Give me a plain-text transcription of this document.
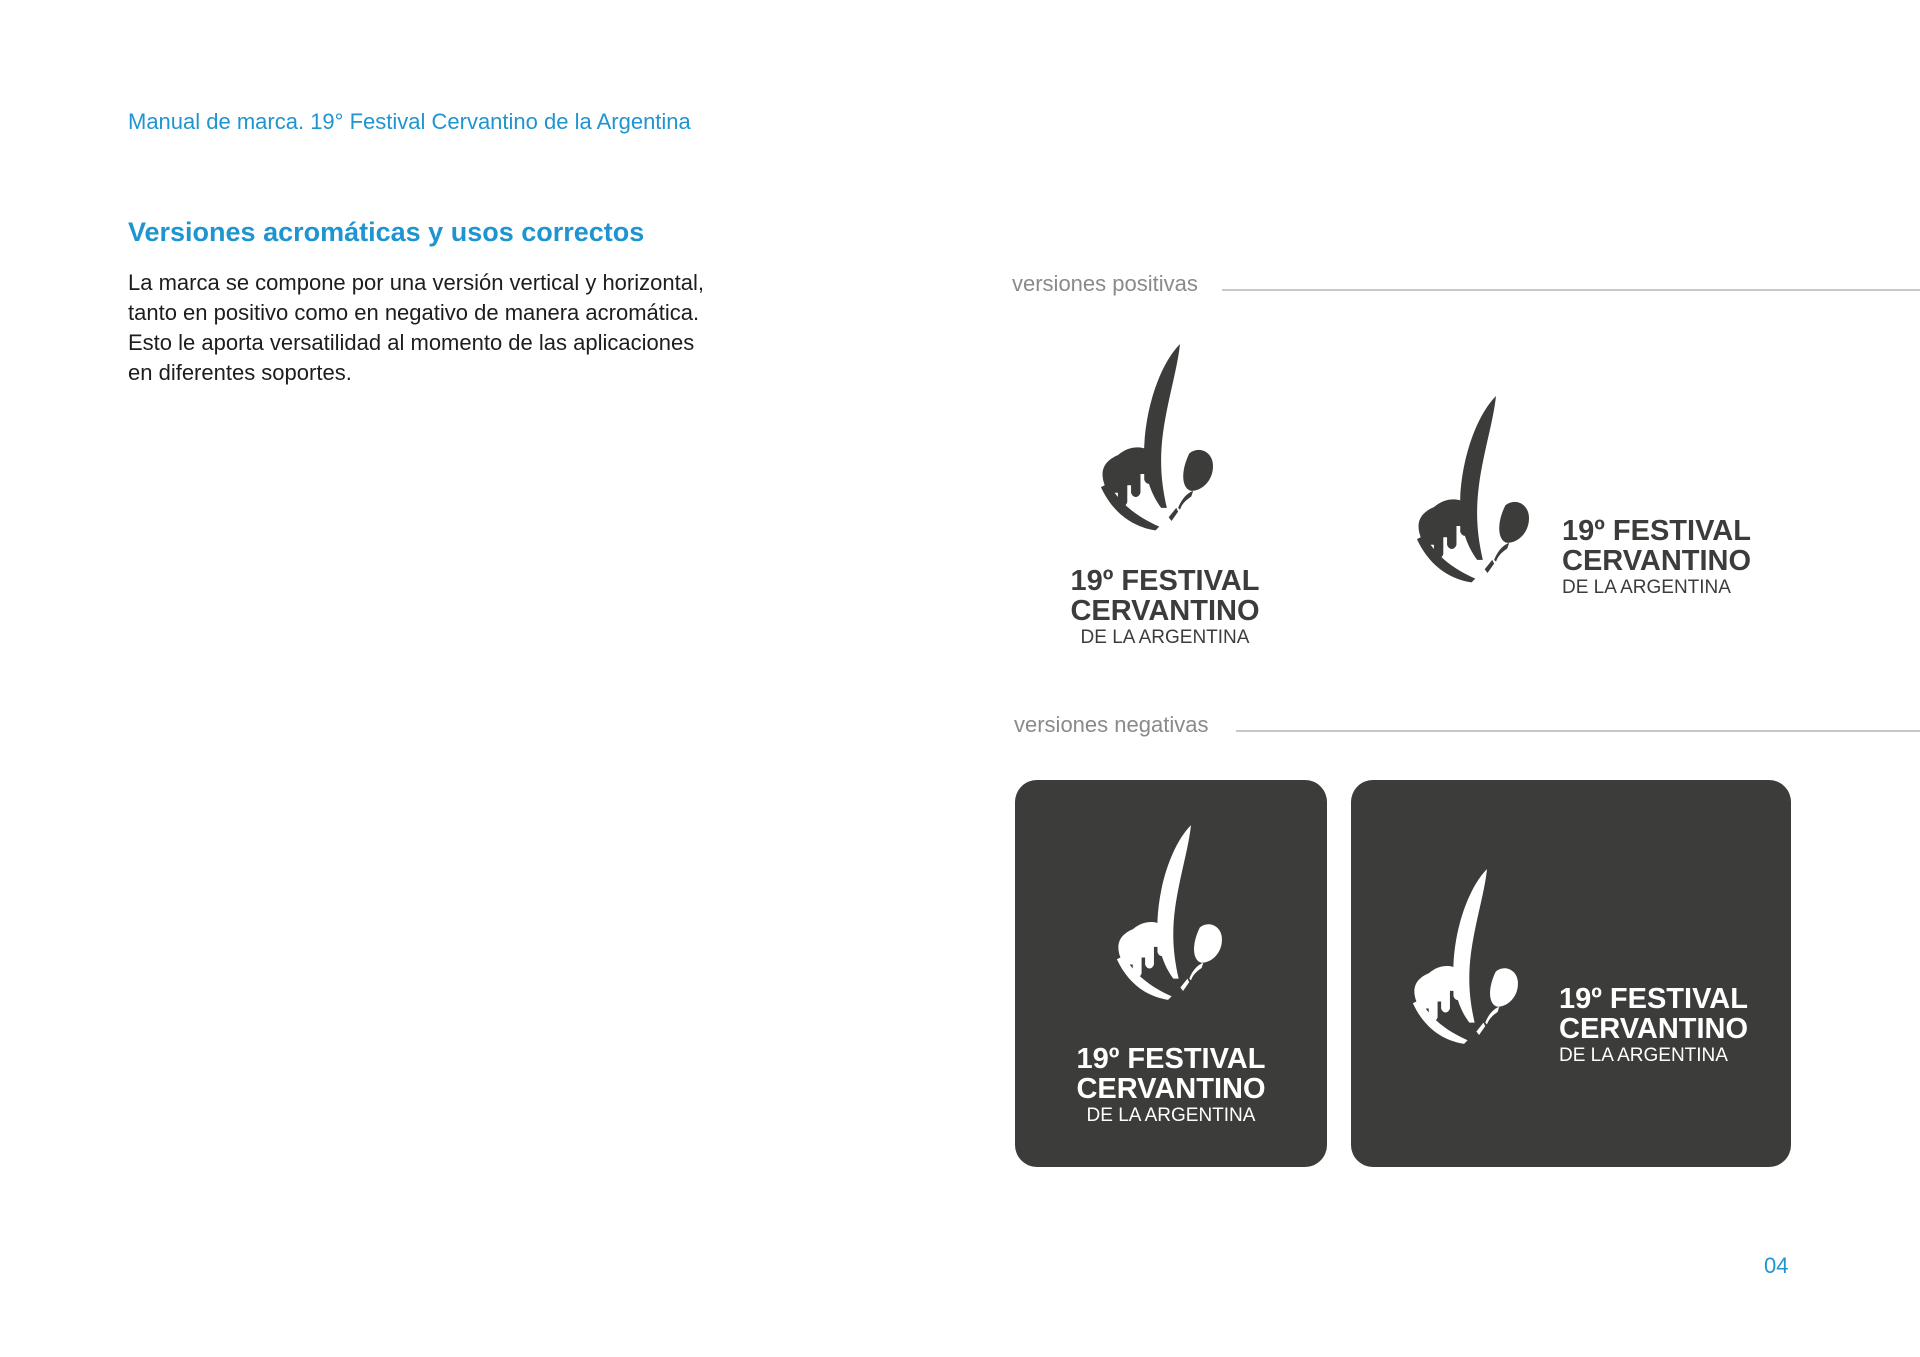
Manual de marca. 19° Festival Cervantino de la Argentina
Versiones acromáticas y usos correctos

La marca se compone por una versión vertical y horizontal,

tanto en positivo como en negativo de manera acromática.

Esto le aporta versatilidad al momento de las aplicaciones

en diferentes soportes.

versiones positivas
19º FESTIVAL
CERVANTINO
DE LA ARGENTINA
19º FESTIVAL
CERVANTINO
DE LA ARGENTINA
versiones negativas
19º FESTIVAL
CERVANTINO
DE LA ARGENTINA
19º FESTIVAL
CERVANTINO
DE LA ARGENTINA
04
